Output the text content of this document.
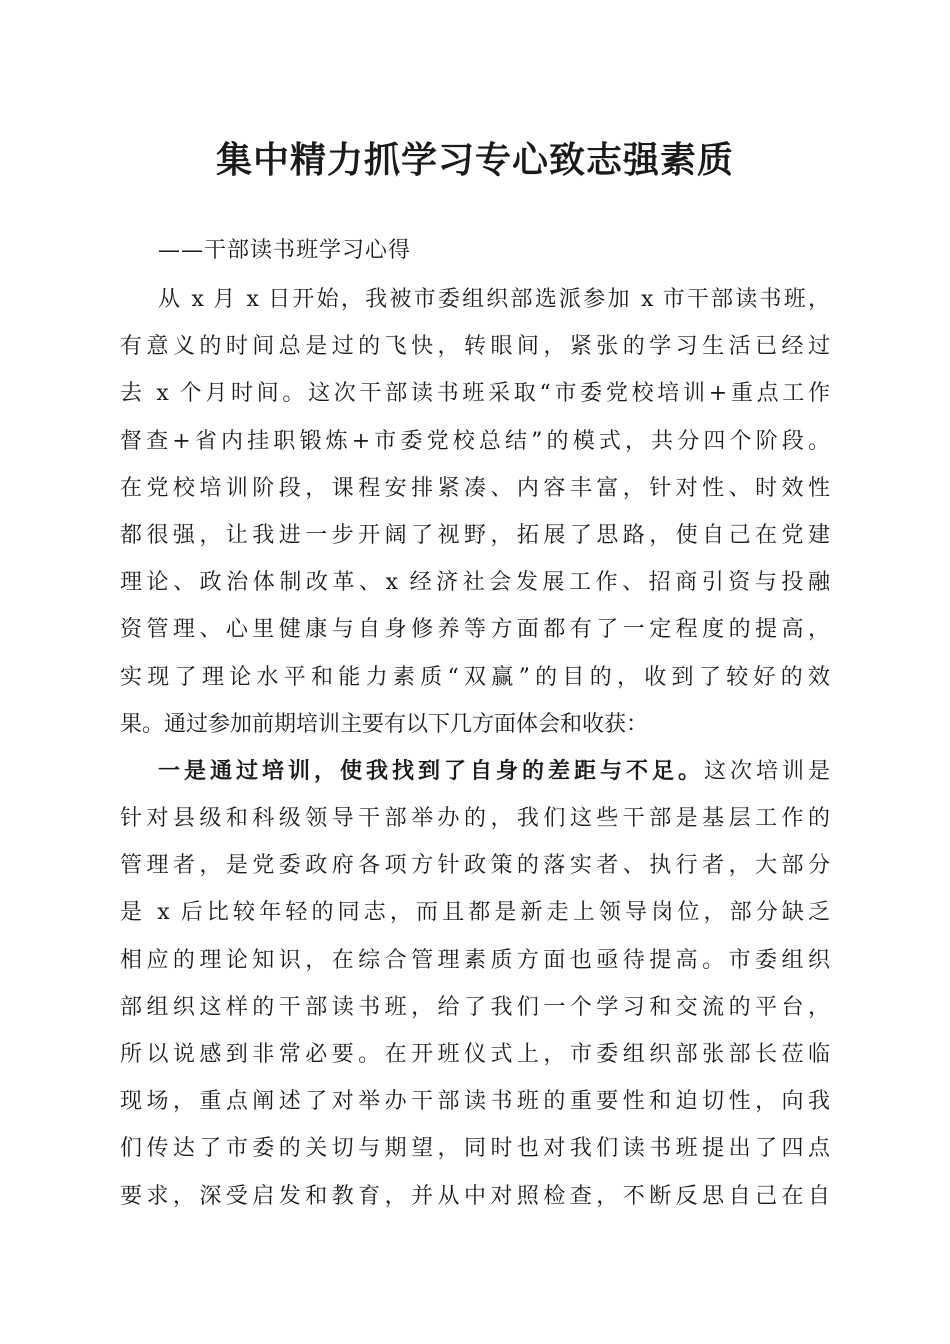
集中精力抓学习专心致志强素质

——干部读书班学习心得

从 x 月 x 日开始，我被市委组织部选派参加 x 市干部读书班，
有意义的时间总是过的飞快，转眼间，紧张的学习生活已经过
去 x 个月时间。这次干部读书班采取“市委党校培训+重点工作
督查+省内挂职锻炼+市委党校总结”的模式，共分四个阶段。
在党校培训阶段，课程安排紧凑、内容丰富，针对性、时效性
都很强，让我进一步开阔了视野，拓展了思路，使自己在党建
理论、政治体制改革、x 经济社会发展工作、招商引资与投融
资管理、心里健康与自身修养等方面都有了一定程度的提高，
实现了理论水平和能力素质“双赢”的目的，收到了较好的效
果。通过参加前期培训主要有以下几方面体会和收获：
一是通过培训，使我找到了自身的差距与不足。这次培训是
针对县级和科级领导干部举办的，我们这些干部是基层工作的
管理者，是党委政府各项方针政策的落实者、执行者，大部分
是 x 后比较年轻的同志，而且都是新走上领导岗位，部分缺乏
相应的理论知识，在综合管理素质方面也亟待提高。市委组织
部组织这样的干部读书班，给了我们一个学习和交流的平台，
所以说感到非常必要。在开班仪式上，市委组织部张部长莅临
现场，重点阐述了对举办干部读书班的重要性和迫切性，向我
们传达了市委的关切与期望，同时也对我们读书班提出了四点
要求，深受启发和教育，并从中对照检查，不断反思自己在自
